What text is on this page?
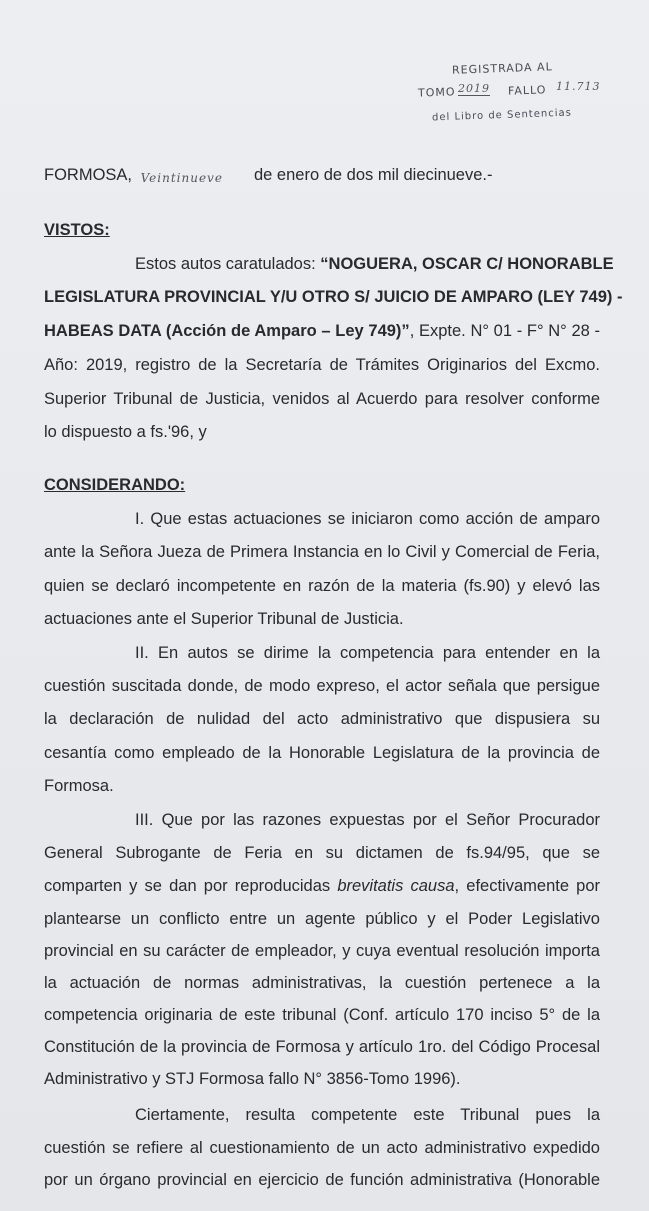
REGISTRADA AL
TOMO 2019 FALLO 11.713
del Libro de Sentencias
FORMOSA, Veintinueve de enero de dos mil diecinueve.-
VISTOS:
Estos autos caratulados: “NOGUERA, OSCAR C/ HONORABLE
LEGISLATURA PROVINCIAL Y/U OTRO S/ JUICIO DE AMPARO (LEY 749) -
HABEAS DATA (Acción de Amparo – Ley 749)”, Expte. N° 01 - F° N° 28 -
Año: 2019, registro de la Secretaría de Trámites Originarios del Excmo.
Superior Tribunal de Justicia, venidos al Acuerdo para resolver conforme
lo dispuesto a fs.'96, y
CONSIDERANDO:
I. Que estas actuaciones se iniciaron como acción de amparo
ante la Señora Jueza de Primera Instancia en lo Civil y Comercial de Feria,
quien se declaró incompetente en razón de la materia (fs.90) y elevó las
actuaciones ante el Superior Tribunal de Justicia.
II. En autos se dirime la competencia para entender en la
cuestión suscitada donde, de modo expreso, el actor señala que persigue
la declaración de nulidad del acto administrativo que dispusiera su
cesantía como empleado de la Honorable Legislatura de la provincia de
Formosa.
III. Que por las razones expuestas por el Señor Procurador
General Subrogante de Feria en su dictamen de fs.94/95, que se
comparten y se dan por reproducidas brevitatis causa, efectivamente por
plantearse un conflicto entre un agente público y el Poder Legislativo
provincial en su carácter de empleador, y cuya eventual resolución importa
la actuación de normas administrativas, la cuestión pertenece a la
competencia originaria de este tribunal (Conf. artículo 170 inciso 5° de la
Constitución de la provincia de Formosa y artículo 1ro. del Código Procesal
Administrativo y STJ Formosa fallo N° 3856-Tomo 1996).
Ciertamente, resulta competente este Tribunal pues la
cuestión se refiere al cuestionamiento de un acto administrativo expedido
por un órgano provincial en ejercicio de función administrativa (Honorable
